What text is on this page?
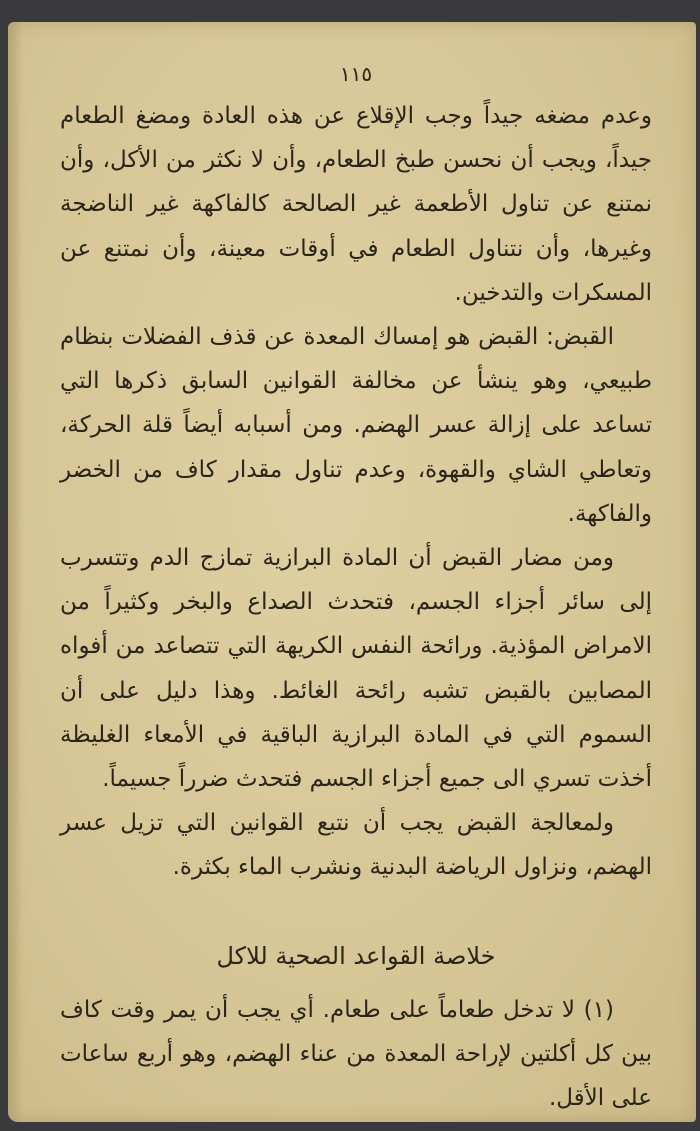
١١٥

وعدم مضغه جيداً وجب الإقلاع عن هذه العادة ومضغ الطعام جيداً، ويجب أن نحسن طبخ الطعام، وأن لا نكثر من الأكل، وأن نمتنع عن تناول الأطعمة غير الصالحة كالفاكهة غير الناضجة وغيرها، وأن نتناول الطعام في أوقات معينة، وأن نمتنع عن المسكرات والتدخين.

القبض: القبض هو إمساك المعدة عن قذف الفضلات بنظام طبيعي، وهو ينشأ عن مخالفة القوانين السابق ذكرها التي تساعد على إزالة عسر الهضم. ومن أسبابه أيضاً قلة الحركة، وتعاطي الشاي والقهوة، وعدم تناول مقدار كاف من الخضر والفاكهة.

ومن مضار القبض أن المادة البرازية تمازج الدم وتتسرب إلى سائر أجزاء الجسم، فتحدث الصداع والبخر وكثيراً من الامراض المؤذية. ورائحة النفس الكريهة التي تتصاعد من أفواه المصابين بالقبض تشبه رائحة الغائط. وهذا دليل على أن السموم التي في المادة البرازية الباقية في الأمعاء الغليظة أخذت تسري الى جميع أجزاء الجسم فتحدث ضرراً جسيماً.

ولمعالجة القبض يجب أن نتبع القوانين التي تزيل عسر الهضم، ونزاول الرياضة البدنية ونشرب الماء بكثرة.

خلاصة القواعد الصحية للاكل

(١) لا تدخل طعاماً على طعام. أي يجب أن يمر وقت كاف بين كل أكلتين لإراحة المعدة من عناء الهضم، وهو أربع ساعات على الأقل.
